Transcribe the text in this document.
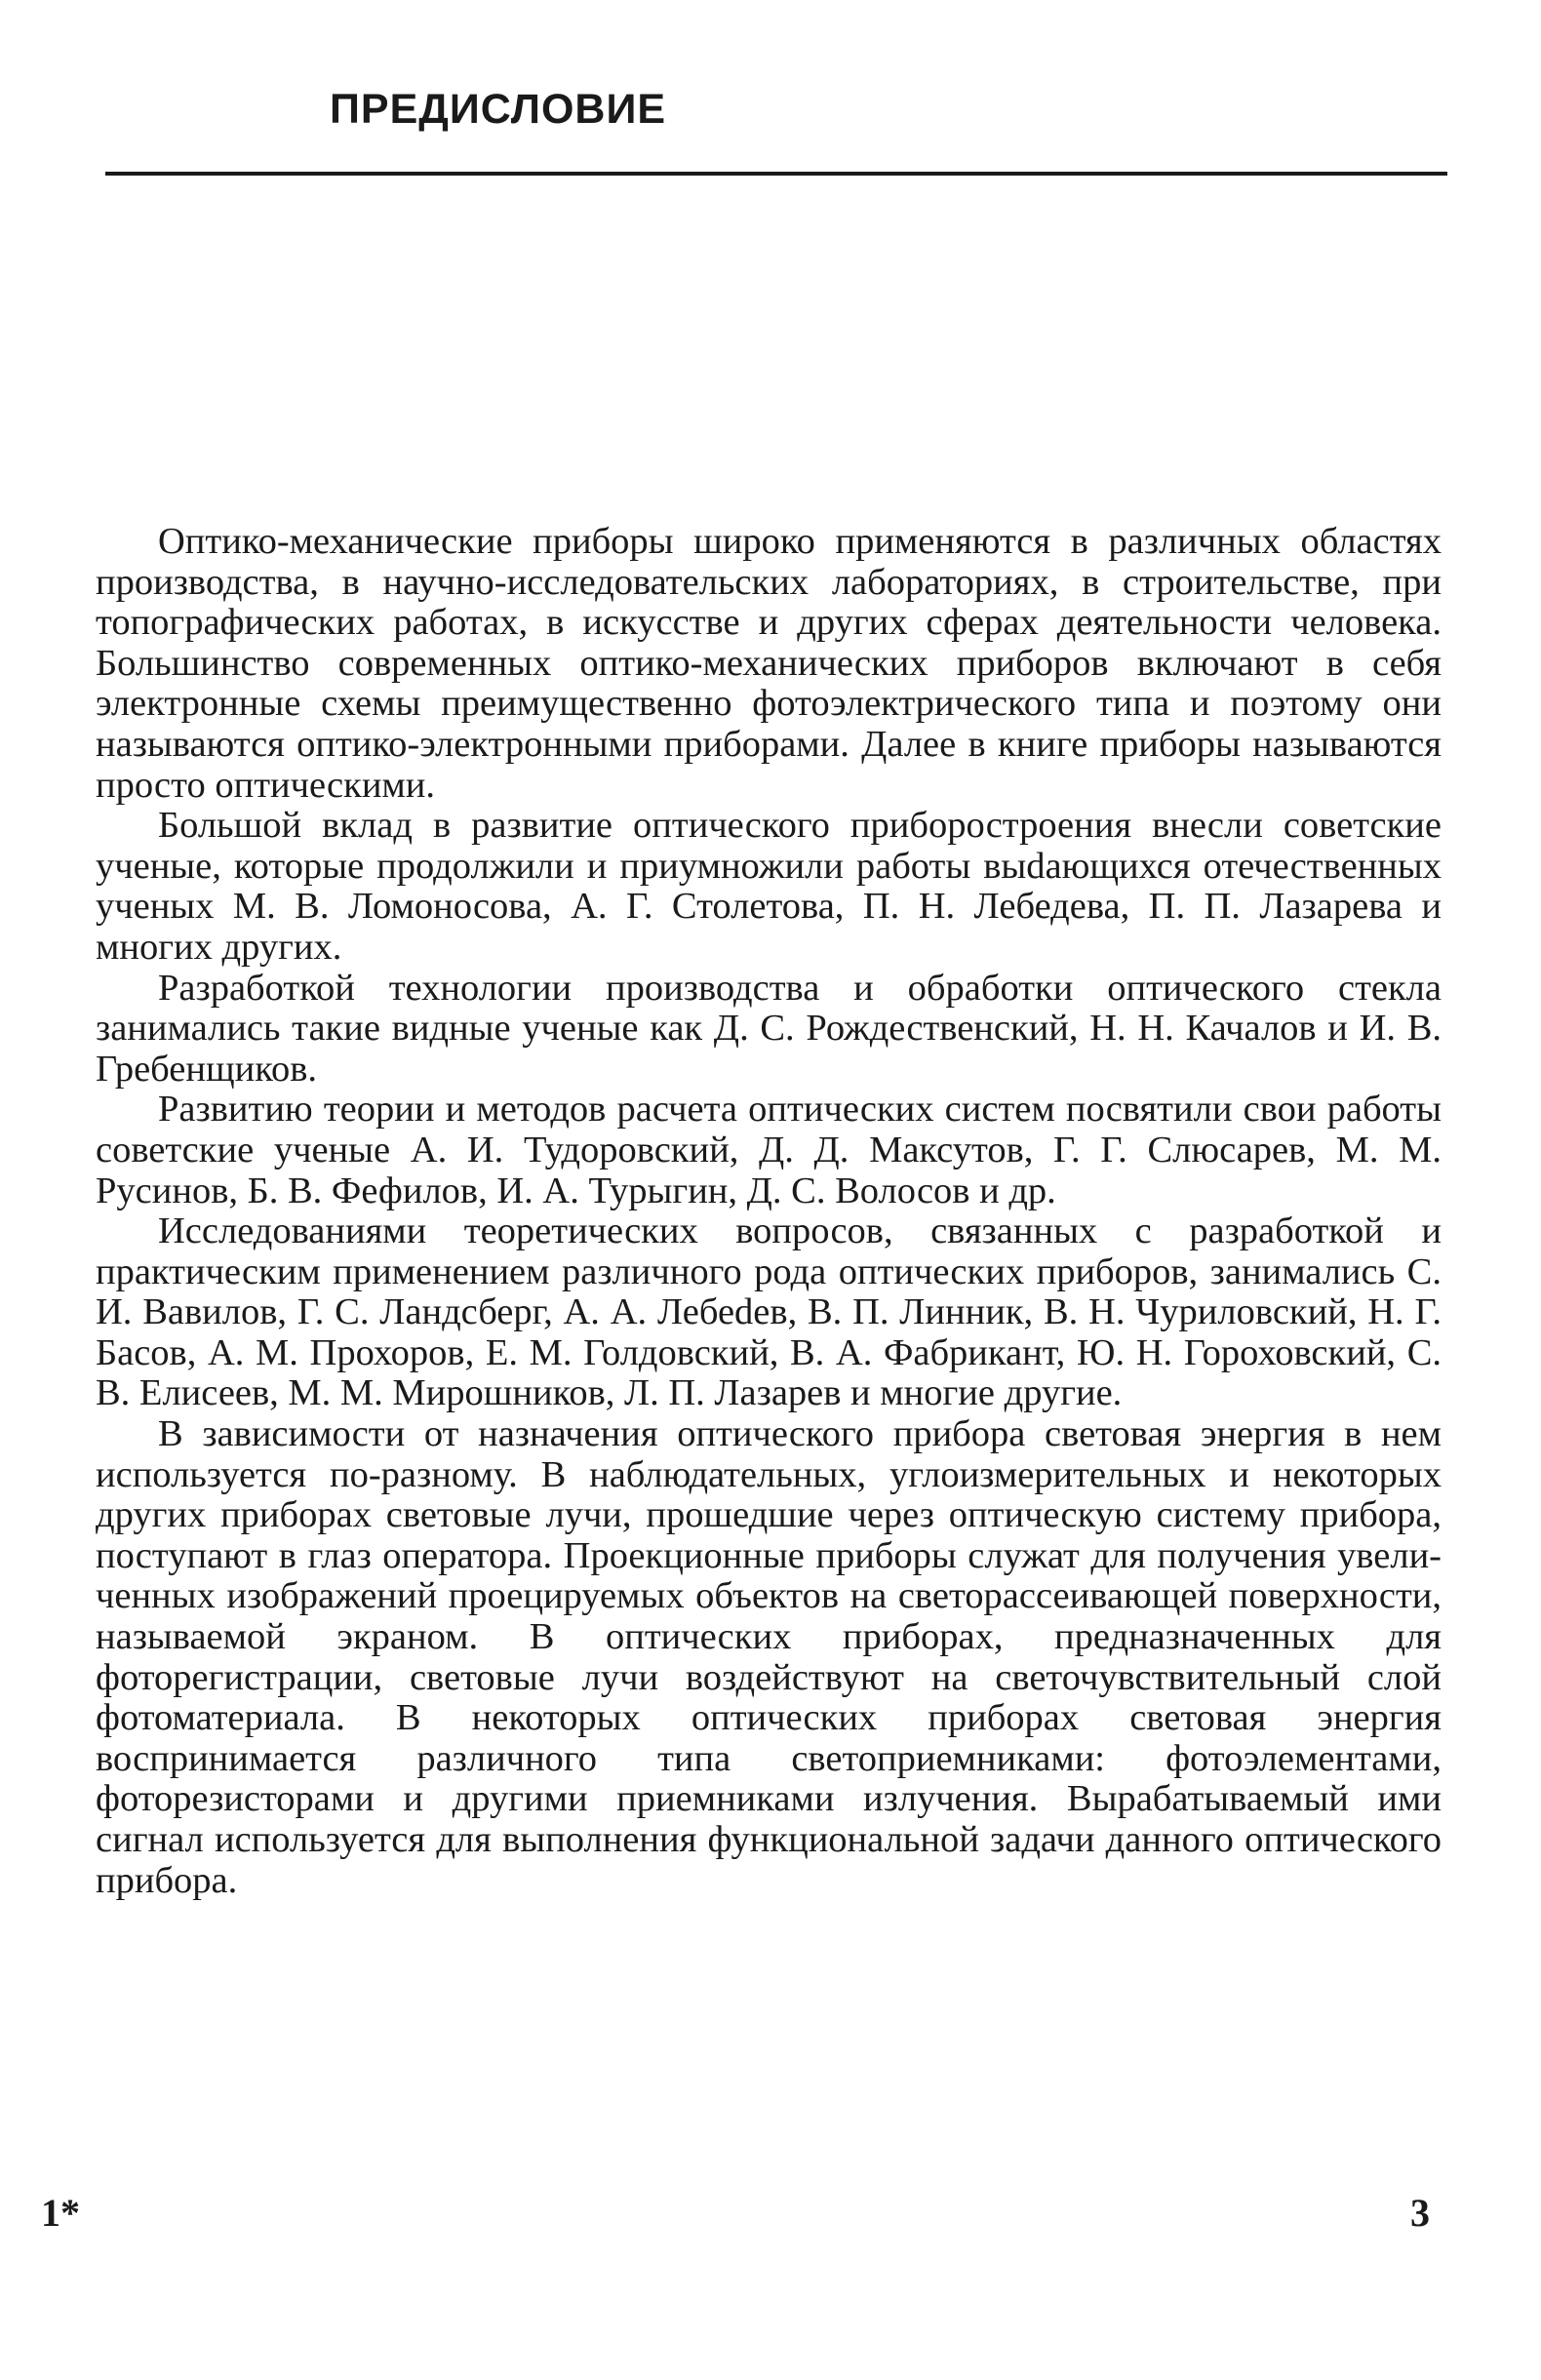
ПРЕДИСЛОВИЕ

Оптико-механические приборы широко применяются в различных областях производства, в научно-исследовательских лабораториях, в строительстве, при топографических работах, в искусстве и других сферах деятельности человека. Большинство современных оптико-механических приборов включают в себя электронные схемы преимущественно фотоэлектрического типа и поэтому они называются оптико-электронными приборами. Далее в книге приборы называются просто оптическими.

Большой вклад в развитие оптического приборостроения внесли советские ученые, которые продолжили и приумножили работы выdающихся отечественных ученых М. В. Ломоносова, А. Г. Столетова, П. Н. Лебедева, П. П. Лазарева и многих других.

Разработкой технологии производства и обработки оптического стекла занимались такие видные ученые как Д. С. Рождественский, Н. Н. Качалов и И. В. Гребенщиков.

Развитию теории и методов расчета оптических систем посвятили свои работы советские ученые А. И. Тудоровский, Д. Д. Максутов, Г. Г. Слюсарев, М. М. Русинов, Б. В. Фефилов, И. А. Турыгин, Д. С. Волосов и др.

Исследованиями теоретических вопросов, связанных с разработкой и практическим применением различного рода оптических приборов, занимались С. И. Вавилов, Г. С. Ландсберг, А. А. Лебеdев, В. П. Линник, В. Н. Чуриловский, Н. Г. Басов, А. М. Прохоров, Е. М. Голдовский, В. А. Фабрикант, Ю. Н. Гороховский, С. В. Елисеев, М. М. Мирошников, Л. П. Лазарев и многие другие.

В зависимости от назначения оптического прибора световая энергия в нем используется по-разному. В наблюдательных, углоизмерительных и некоторых других приборах световые лучи, прошедшие через оптическую систему прибора, поступают в глаз оператора. Проекционные приборы служат для получения увеличенных изображений проецируемых объектов на светорассеивающей поверхности, называемой экраном. В оптических приборах, предназначенных для фоторегистрации, световые лучи воздействуют на светочувствительный слой фотоматериала. В некоторых оптических приборах световая энергия воспринимается различного типа светоприемниками: фотоэлементами, фоторезисторами и другими приемниками излучения. Вырабатываемый ими сигнал используется для выполнения функциональной задачи данного оптического прибора.

1*	3
